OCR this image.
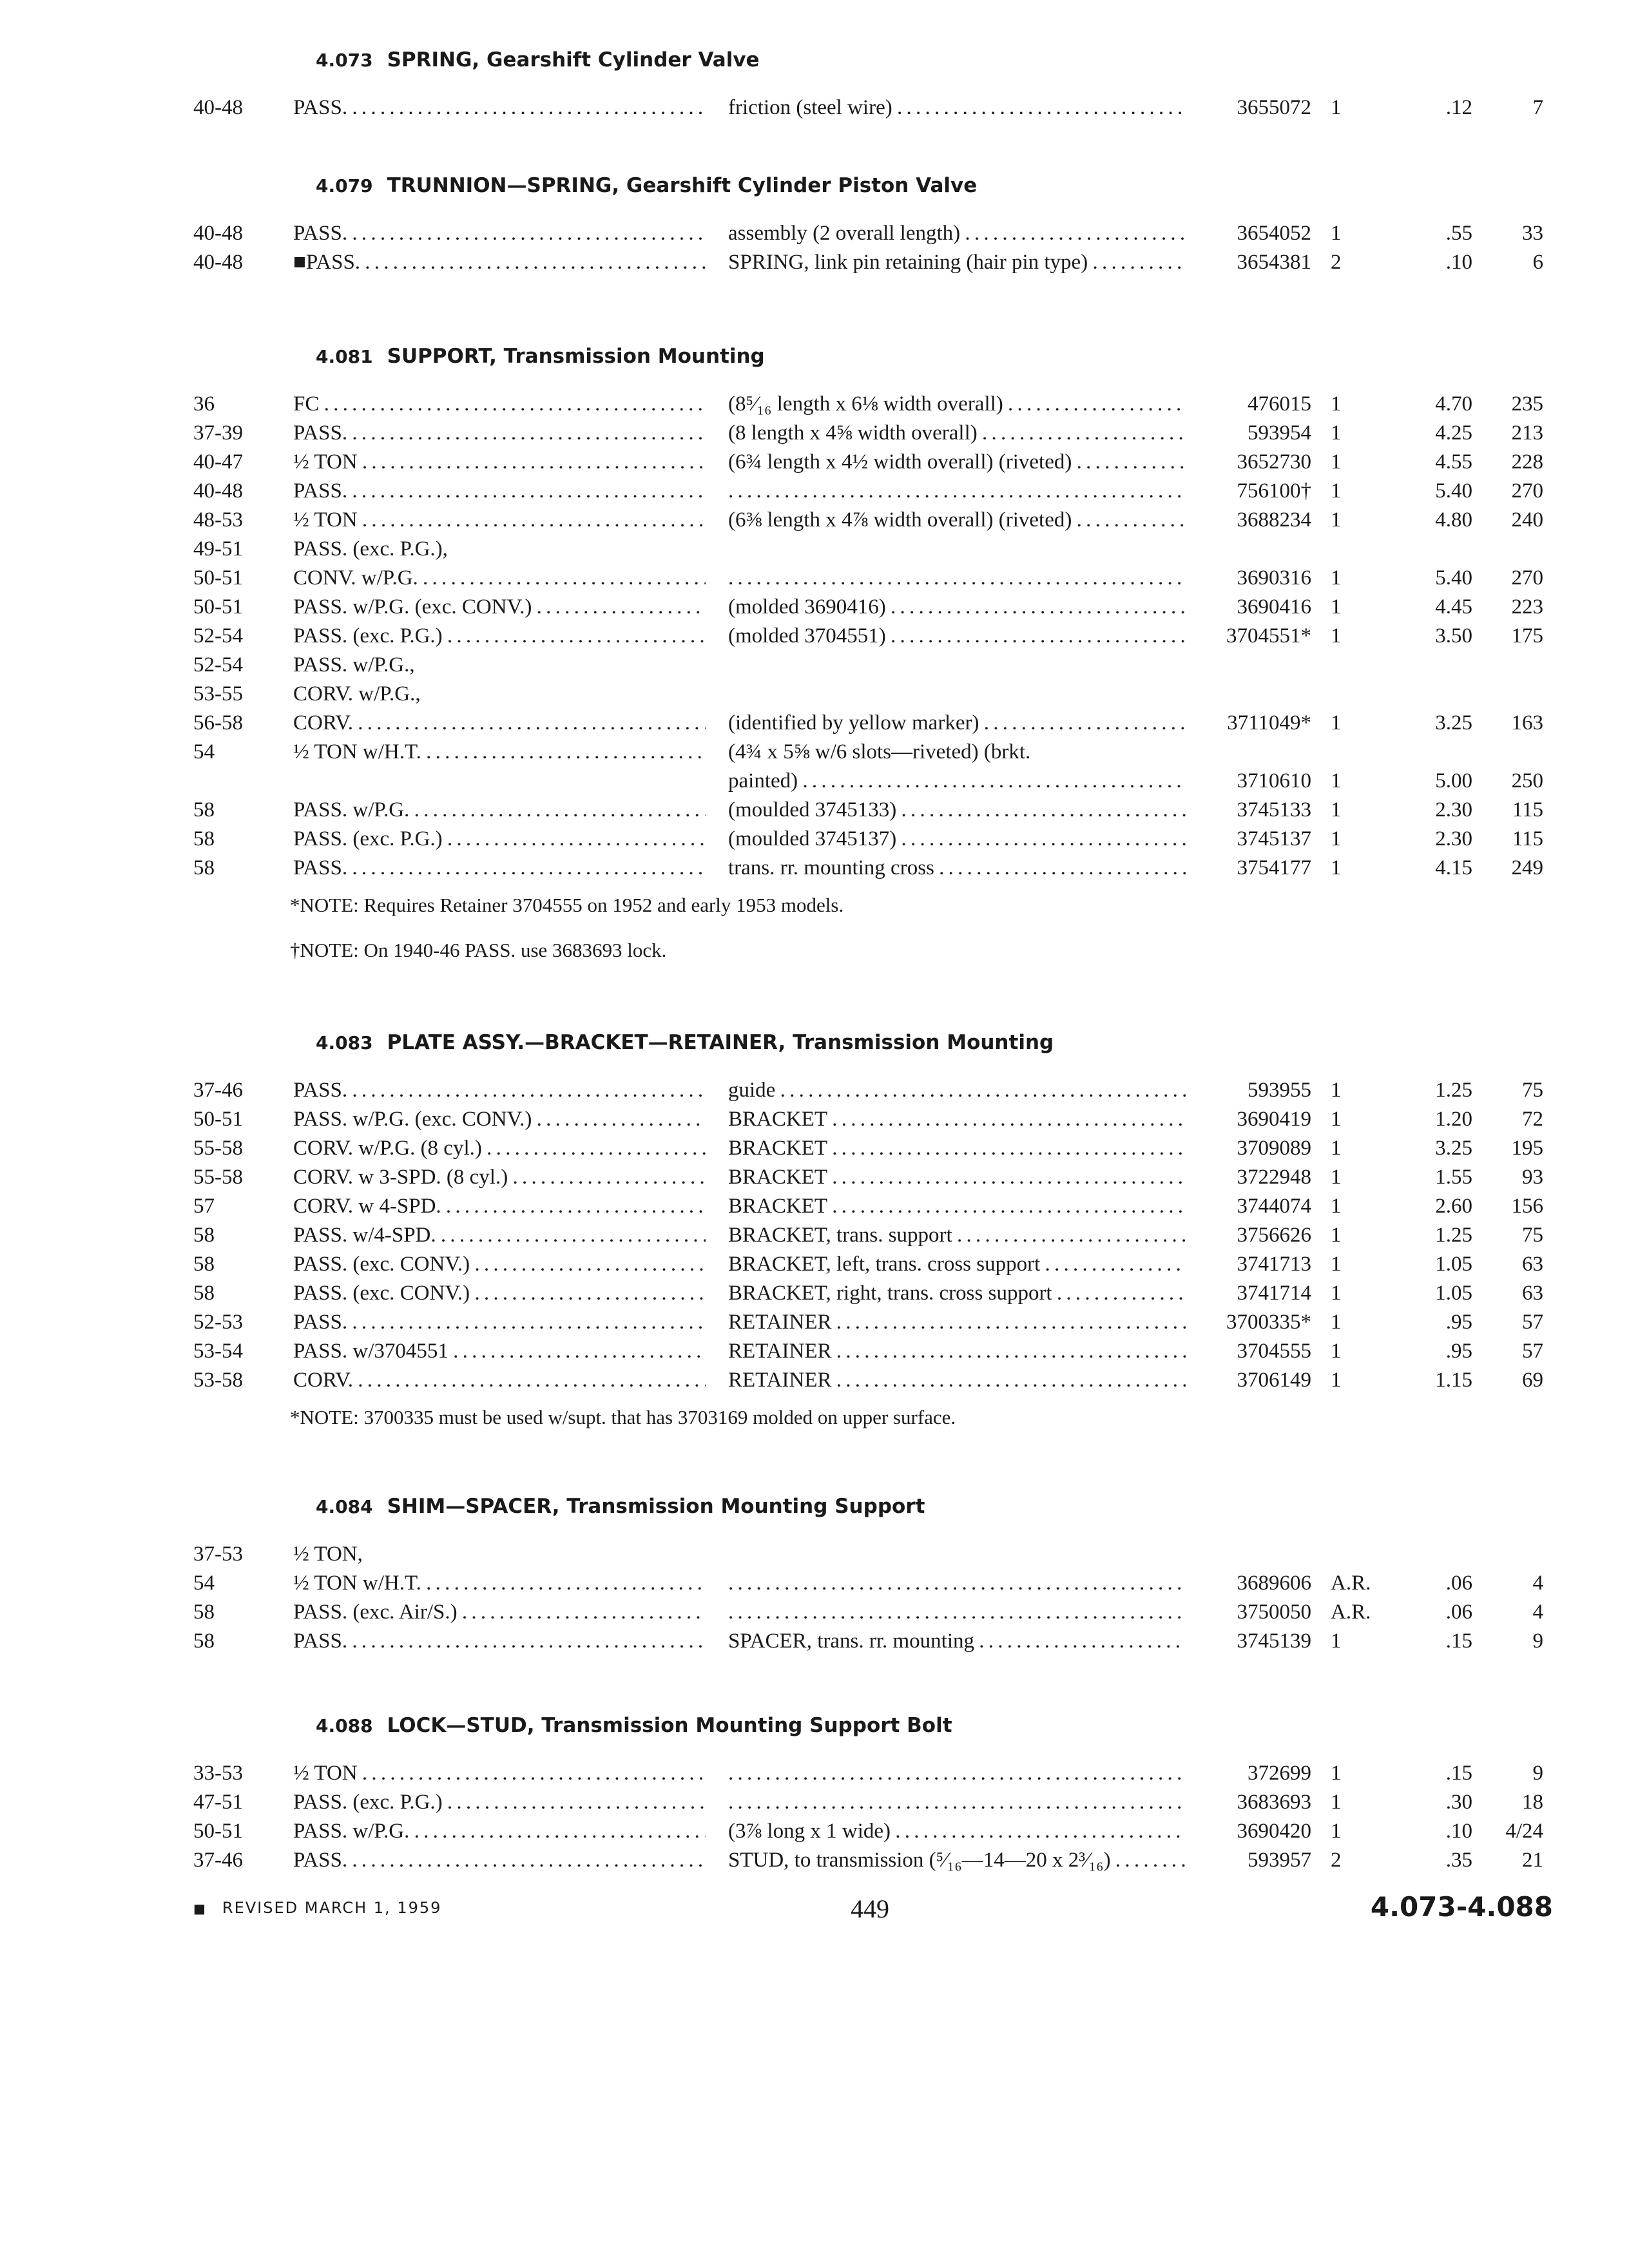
4.073 SPRING, Gearshift Cylinder Valve
40-48 PASS. . . .	friction (steel wire) . . .	3655072 1	.12	7
4.079 TRUNNION—SPRING, Gearshift Cylinder Piston Valve
40-48 PASS. . . .	assembly (2 overall length) . . .	3654052 1	.55	33
40-48 ■PASS. . . .	SPRING, link pin retaining (hair pin type) . . .	3654381 2	.10	6
4.081 SUPPORT, Transmission Mounting
36	FC . . .	(8⁵⁄₁₆ length x 6⅛ width overall) . . .	476015 1	4.70	235
37-39 PASS. . . .	(8 length x 4⅝ width overall) . . .	593954 1	4.25	213
40-47 ½ TON . . .	(6¾ length x 4½ width overall) (riveted) . . .	3652730 1	4.55	228
40-48 PASS. . . . . . .	756100† 1	5.40	270
48-53 ½ TON . . .	(6⅜ length x 4⅞ width overall) (riveted) . . .	3688234 1	4.80	240
49-51 PASS. (exc. P.G.),
50-51 CONV. w/P.G. . . . . . .	3690316 1	5.40	270
50-51 PASS. w/P.G. (exc. CONV.) . . .	(molded 3690416) . . .	3690416 1	4.45	223
52-54 PASS. (exc. P.G.) . . .	(molded 3704551) . . .	3704551* 1	3.50	175
52-54 PASS. w/P.G.,
53-55 CORV. w/P.G.,
56-58 CORV. . . .	(identified by yellow marker) . . .	3711049* 1	3.25	163
54	½ TON w/H.T. . . .	(4¾ x 5⅝ w/6 slots—riveted) (brkt.
painted) . . .	3710610 1	5.00	250
58	PASS. w/P.G. . . .	(moulded 3745133) . . .	3745133 1	2.30	115
58	PASS. (exc. P.G.) . . .	(moulded 3745137) . . .	3745137 1	2.30	115
58	PASS. . . .	trans. rr. mounting cross . . .	3754177 1	4.15	249
*NOTE: Requires Retainer 3704555 on 1952 and early 1953 models.
†NOTE: On 1940-46 PASS. use 3683693 lock.
4.083 PLATE ASSY.—BRACKET—RETAINER, Transmission Mounting
37-46 PASS. . . .	guide . . .	593955 1	1.25	75
50-51 PASS. w/P.G. (exc. CONV.) . . .	BRACKET . . .	3690419 1	1.20	72
55-58 CORV. w/P.G. (8 cyl.) . . .	BRACKET . . .	3709089 1	3.25	195
55-58 CORV. w 3-SPD. (8 cyl.) . . .	BRACKET . . .	3722948 1	1.55	93
57	CORV. w 4-SPD. . . .	BRACKET . . .	3744074 1	2.60	156
58	PASS. w/4-SPD. . . .	BRACKET, trans. support . . .	3756626 1	1.25	75
58	PASS. (exc. CONV.) . . .	BRACKET, left, trans. cross support . . .	3741713 1	1.05	63
58	PASS. (exc. CONV.) . . .	BRACKET, right, trans. cross support . . .	3741714 1	1.05	63
52-53 PASS. . . .	RETAINER . . .	3700335* 1	.95	57
53-54 PASS. w/3704551 . . .	RETAINER . . .	3704555 1	.95	57
53-58 CORV. . . .	RETAINER . . .	3706149 1	1.15	69
*NOTE: 3700335 must be used w/supt. that has 3703169 molded on upper surface.
4.084 SHIM—SPACER, Transmission Mounting Support
37-53 ½ TON,
54	½ TON w/H.T. . . . . . .	3689606 A.R.	.06	4
58	PASS. (exc. Air/S.) . . . . . .	3750050 A.R.	.06	4
58	PASS. . . .	SPACER, trans. rr. mounting . . .	3745139 1	.15	9
4.088 LOCK—STUD, Transmission Mounting Support Bolt
33-53 ½ TON . . . . . .	372699 1	.15	9
47-51 PASS. (exc. P.G.) . . . . . .	3683693 1	.30	18
50-51 PASS. w/P.G. . . .	(3⅞ long x 1 wide) . . .	3690420 1	.10	4/24
37-46 PASS. . . .	STUD, to transmission (⁵⁄₁₆—14—20 x 2³⁄₁₆) . . .	593957 2	.35	21
■ REVISED MARCH 1, 1959	449	4.073-4.088
